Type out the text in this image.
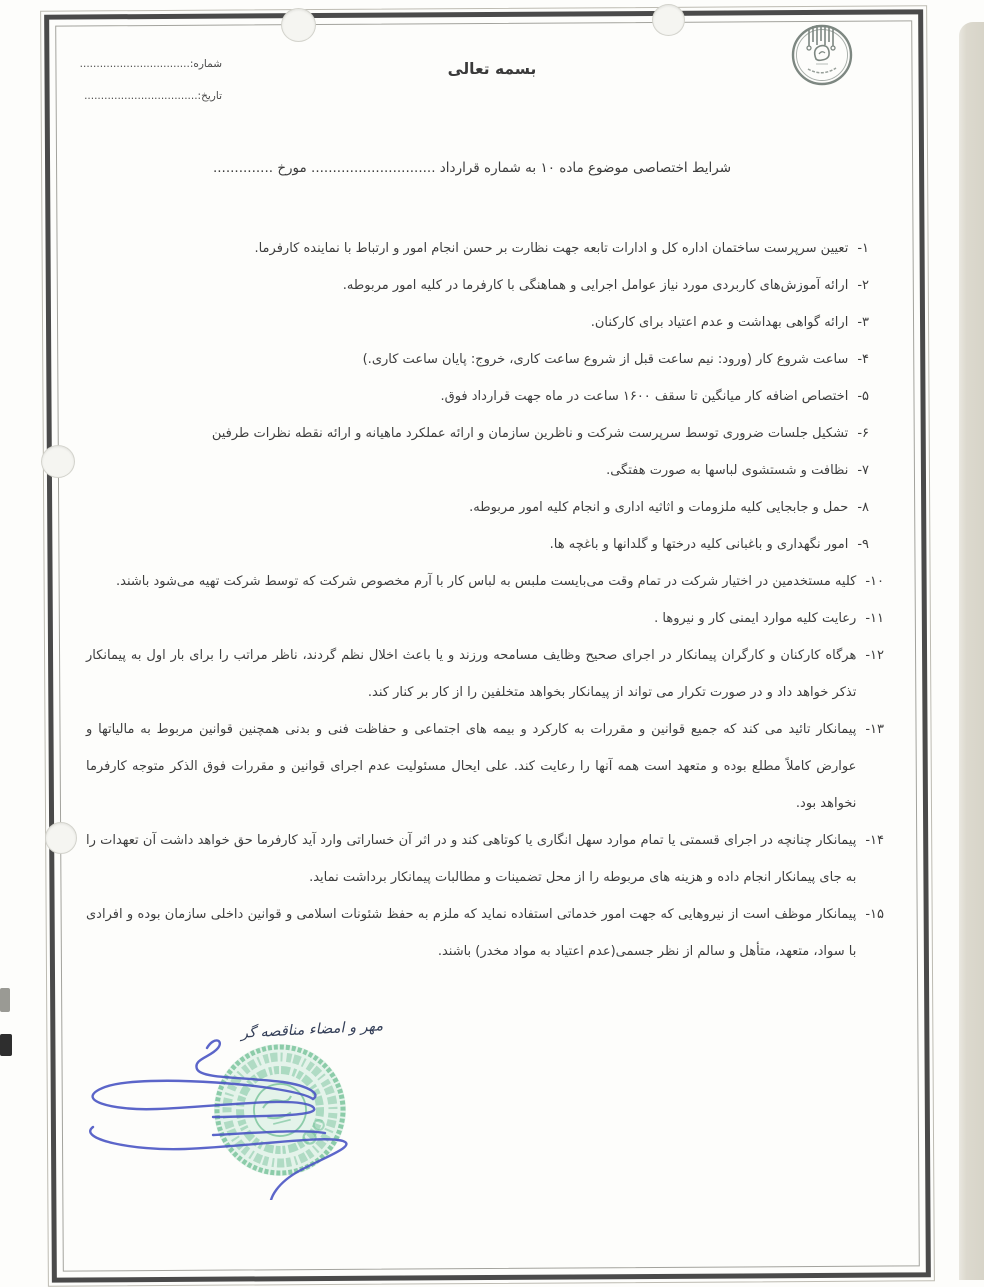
شماره:.................................
تاریخ:..................................
بسمه تعالی
شرایط اختصاصی موضوع ماده ۱۰ به شماره قرارداد ............................. مورخ ..............
۱-
تعیین سرپرست ساختمان اداره کل و ادارات تابعه جهت نظارت بر حسن انجام امور و ارتباط با نماینده کارفرما.
۲-
ارائه آموزش‌های کاربردی مورد نیاز عوامل اجرایی و هماهنگی با کارفرما در کلیه امور مربوطه.
۳-
ارائه گواهی بهداشت و عدم اعتیاد برای کارکنان.
۴-
ساعت شروع کار (ورود: نیم ساعت قبل از شروع ساعت کاری، خروج: پایان ساعت کاری.)
۵-
اختصاص اضافه کار میانگین تا سقف ۱۶۰۰ ساعت در ماه جهت قرارداد فوق.
۶-
تشکیل جلسات ضروری توسط سرپرست شرکت و ناظرین سازمان و ارائه عملکرد ماهیانه و ارائه نقطه نظرات طرفین
۷-
نظافت و شستشوی لباسها به صورت هفتگی.
۸-
حمل و جابجایی کلیه ملزومات و اثاثیه اداری و انجام کلیه امور مربوطه.
۹-
امور نگهداری و باغبانی کلیه درختها و گلدانها و باغچه ها.
۱۰-
کلیه مستخدمین در اختیار شرکت در تمام وقت می‌بایست ملبس به لباس کار با آرم مخصوص شرکت که توسط شرکت تهیه می‌شود باشند.
۱۱-
رعایت کلیه موارد ایمنی کار و نیروها .
۱۲-
هرگاه کارکنان و کارگران پیمانکار در اجرای صحیح وظایف مسامحه ورزند و یا باعث اخلال نظم گردند، ناظر مراتب را برای بار اول به پیمانکار تذکر خواهد داد و در صورت تکرار می تواند از پیمانکار بخواهد متخلفین را از کار بر کنار کند.
۱۳-
پیمانکار تائید می کند که جمیع قوانین و مقررات به کارکرد و بیمه های اجتماعی و حفاظت فنی و بدنی همچنین قوانین مربوط به مالیاتها و عوارض کاملاً مطلع بوده و متعهد است همه آنها را رعایت کند. علی ایحال مسئولیت عدم اجرای قوانین و مقررات فوق الذکر متوجه کارفرما نخواهد بود.
۱۴-
پیمانکار چنانچه در اجرای قسمتی یا تمام موارد سهل انگاری یا کوتاهی کند و در اثر آن خساراتی وارد آید کارفرما حق خواهد داشت آن تعهدات را به جای پیمانکار انجام داده و هزینه های مربوطه را از محل تضمینات و مطالبات پیمانکار برداشت نماید.
۱۵-
پیمانکار موظف است از نیروهایی که جهت امور خدماتی استفاده نماید که ملزم به حفظ شئونات اسلامی و قوانین داخلی سازمان بوده و افرادی با سواد، متعهد، متأهل و سالم از نظر جسمی(عدم اعتیاد به مواد مخدر) باشند.
مهر و امضاء مناقصه گر
